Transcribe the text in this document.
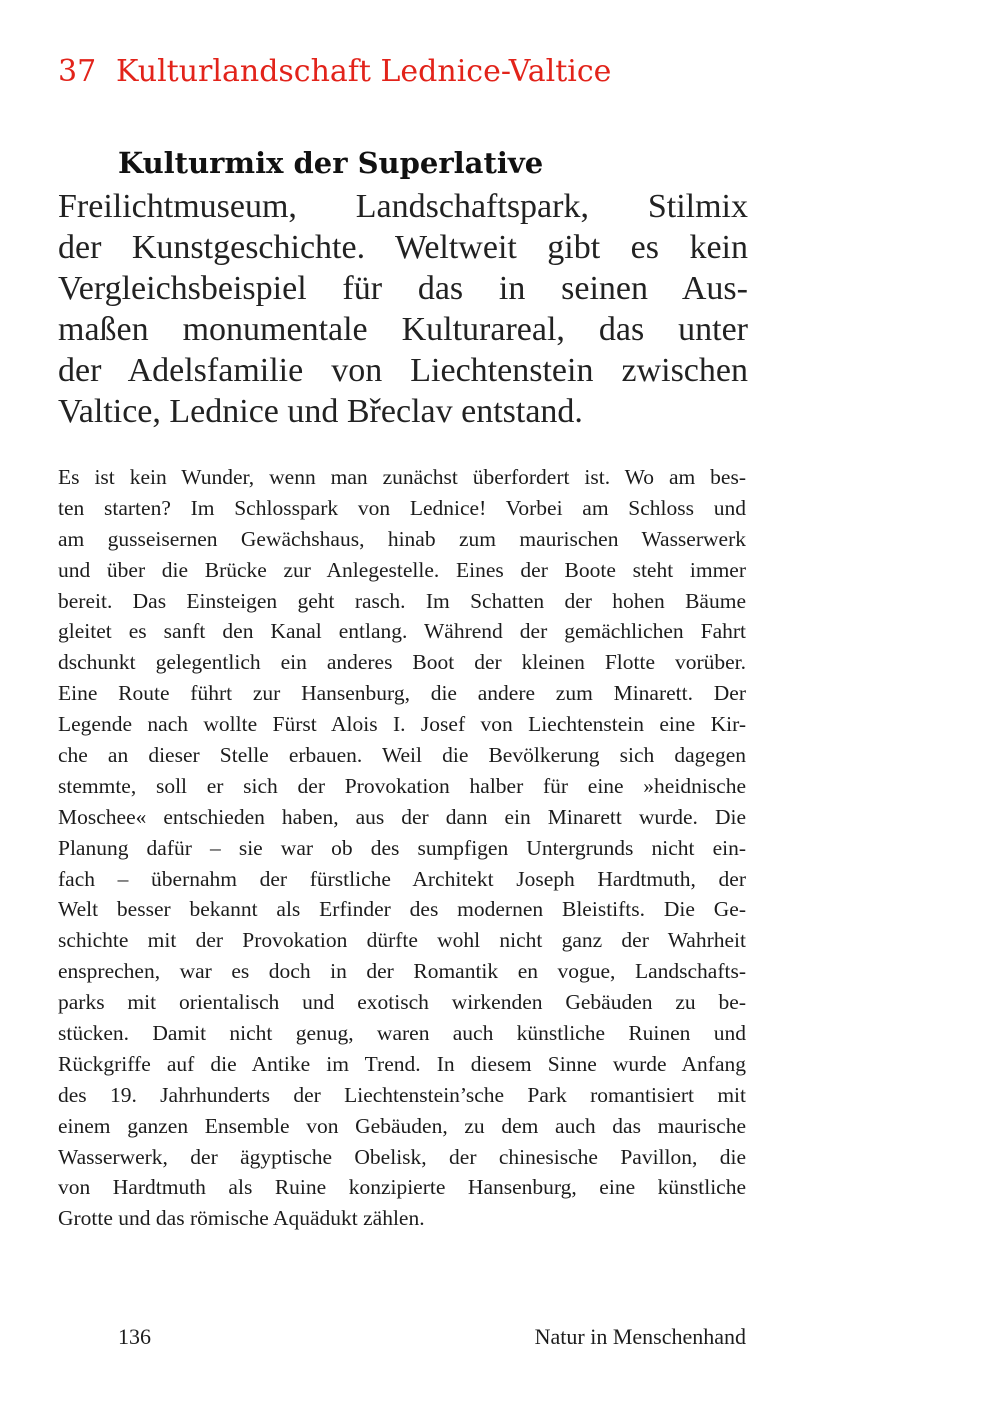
37 Kulturlandschaft Lednice-Valtice
Kulturmix der Superlative
Freilichtmuseum, Landschaftspark, Stilmix
der Kunstgeschichte. Weltweit gibt es kein
Vergleichsbeispiel für das in seinen Aus-
maßen monumentale Kulturareal, das unter
der Adelsfamilie von Liechtenstein zwischen
Valtice, Lednice und Břeclav entstand.
Es ist kein Wunder, wenn man zunächst überfordert ist. Wo am bes-
ten starten? Im Schlosspark von Lednice! Vorbei am Schloss und
am gusseisernen Gewächshaus, hinab zum maurischen Wasserwerk
und über die Brücke zur Anlegestelle. Eines der Boote steht immer
bereit. Das Einsteigen geht rasch. Im Schatten der hohen Bäume
gleitet es sanft den Kanal entlang. Während der gemächlichen Fahrt
dschunkt gelegentlich ein anderes Boot der kleinen Flotte vorüber.
Eine Route führt zur Hansenburg, die andere zum Minarett. Der
Legende nach wollte Fürst Alois I. Josef von Liechtenstein eine Kir-
che an dieser Stelle erbauen. Weil die Bevölkerung sich dagegen
stemmte, soll er sich der Provokation halber für eine »heidnische
Moschee« entschieden haben, aus der dann ein Minarett wurde. Die
Planung dafür – sie war ob des sumpfigen Untergrunds nicht ein-
fach – übernahm der fürstliche Architekt Joseph Hardtmuth, der
Welt besser bekannt als Erfinder des modernen Bleistifts. Die Ge-
schichte mit der Provokation dürfte wohl nicht ganz der Wahrheit
ensprechen, war es doch in der Romantik en vogue, Landschafts-
parks mit orientalisch und exotisch wirkenden Gebäuden zu be-
stücken. Damit nicht genug, waren auch künstliche Ruinen und
Rückgriffe auf die Antike im Trend. In diesem Sinne wurde Anfang
des 19. Jahrhunderts der Liechtenstein’sche Park romantisiert mit
einem ganzen Ensemble von Gebäuden, zu dem auch das maurische
Wasserwerk, der ägyptische Obelisk, der chinesische Pavillon, die
von Hardtmuth als Ruine konzipierte Hansenburg, eine künstliche
Grotte und das römische Aquädukt zählen.
136	Natur in Menschenhand
